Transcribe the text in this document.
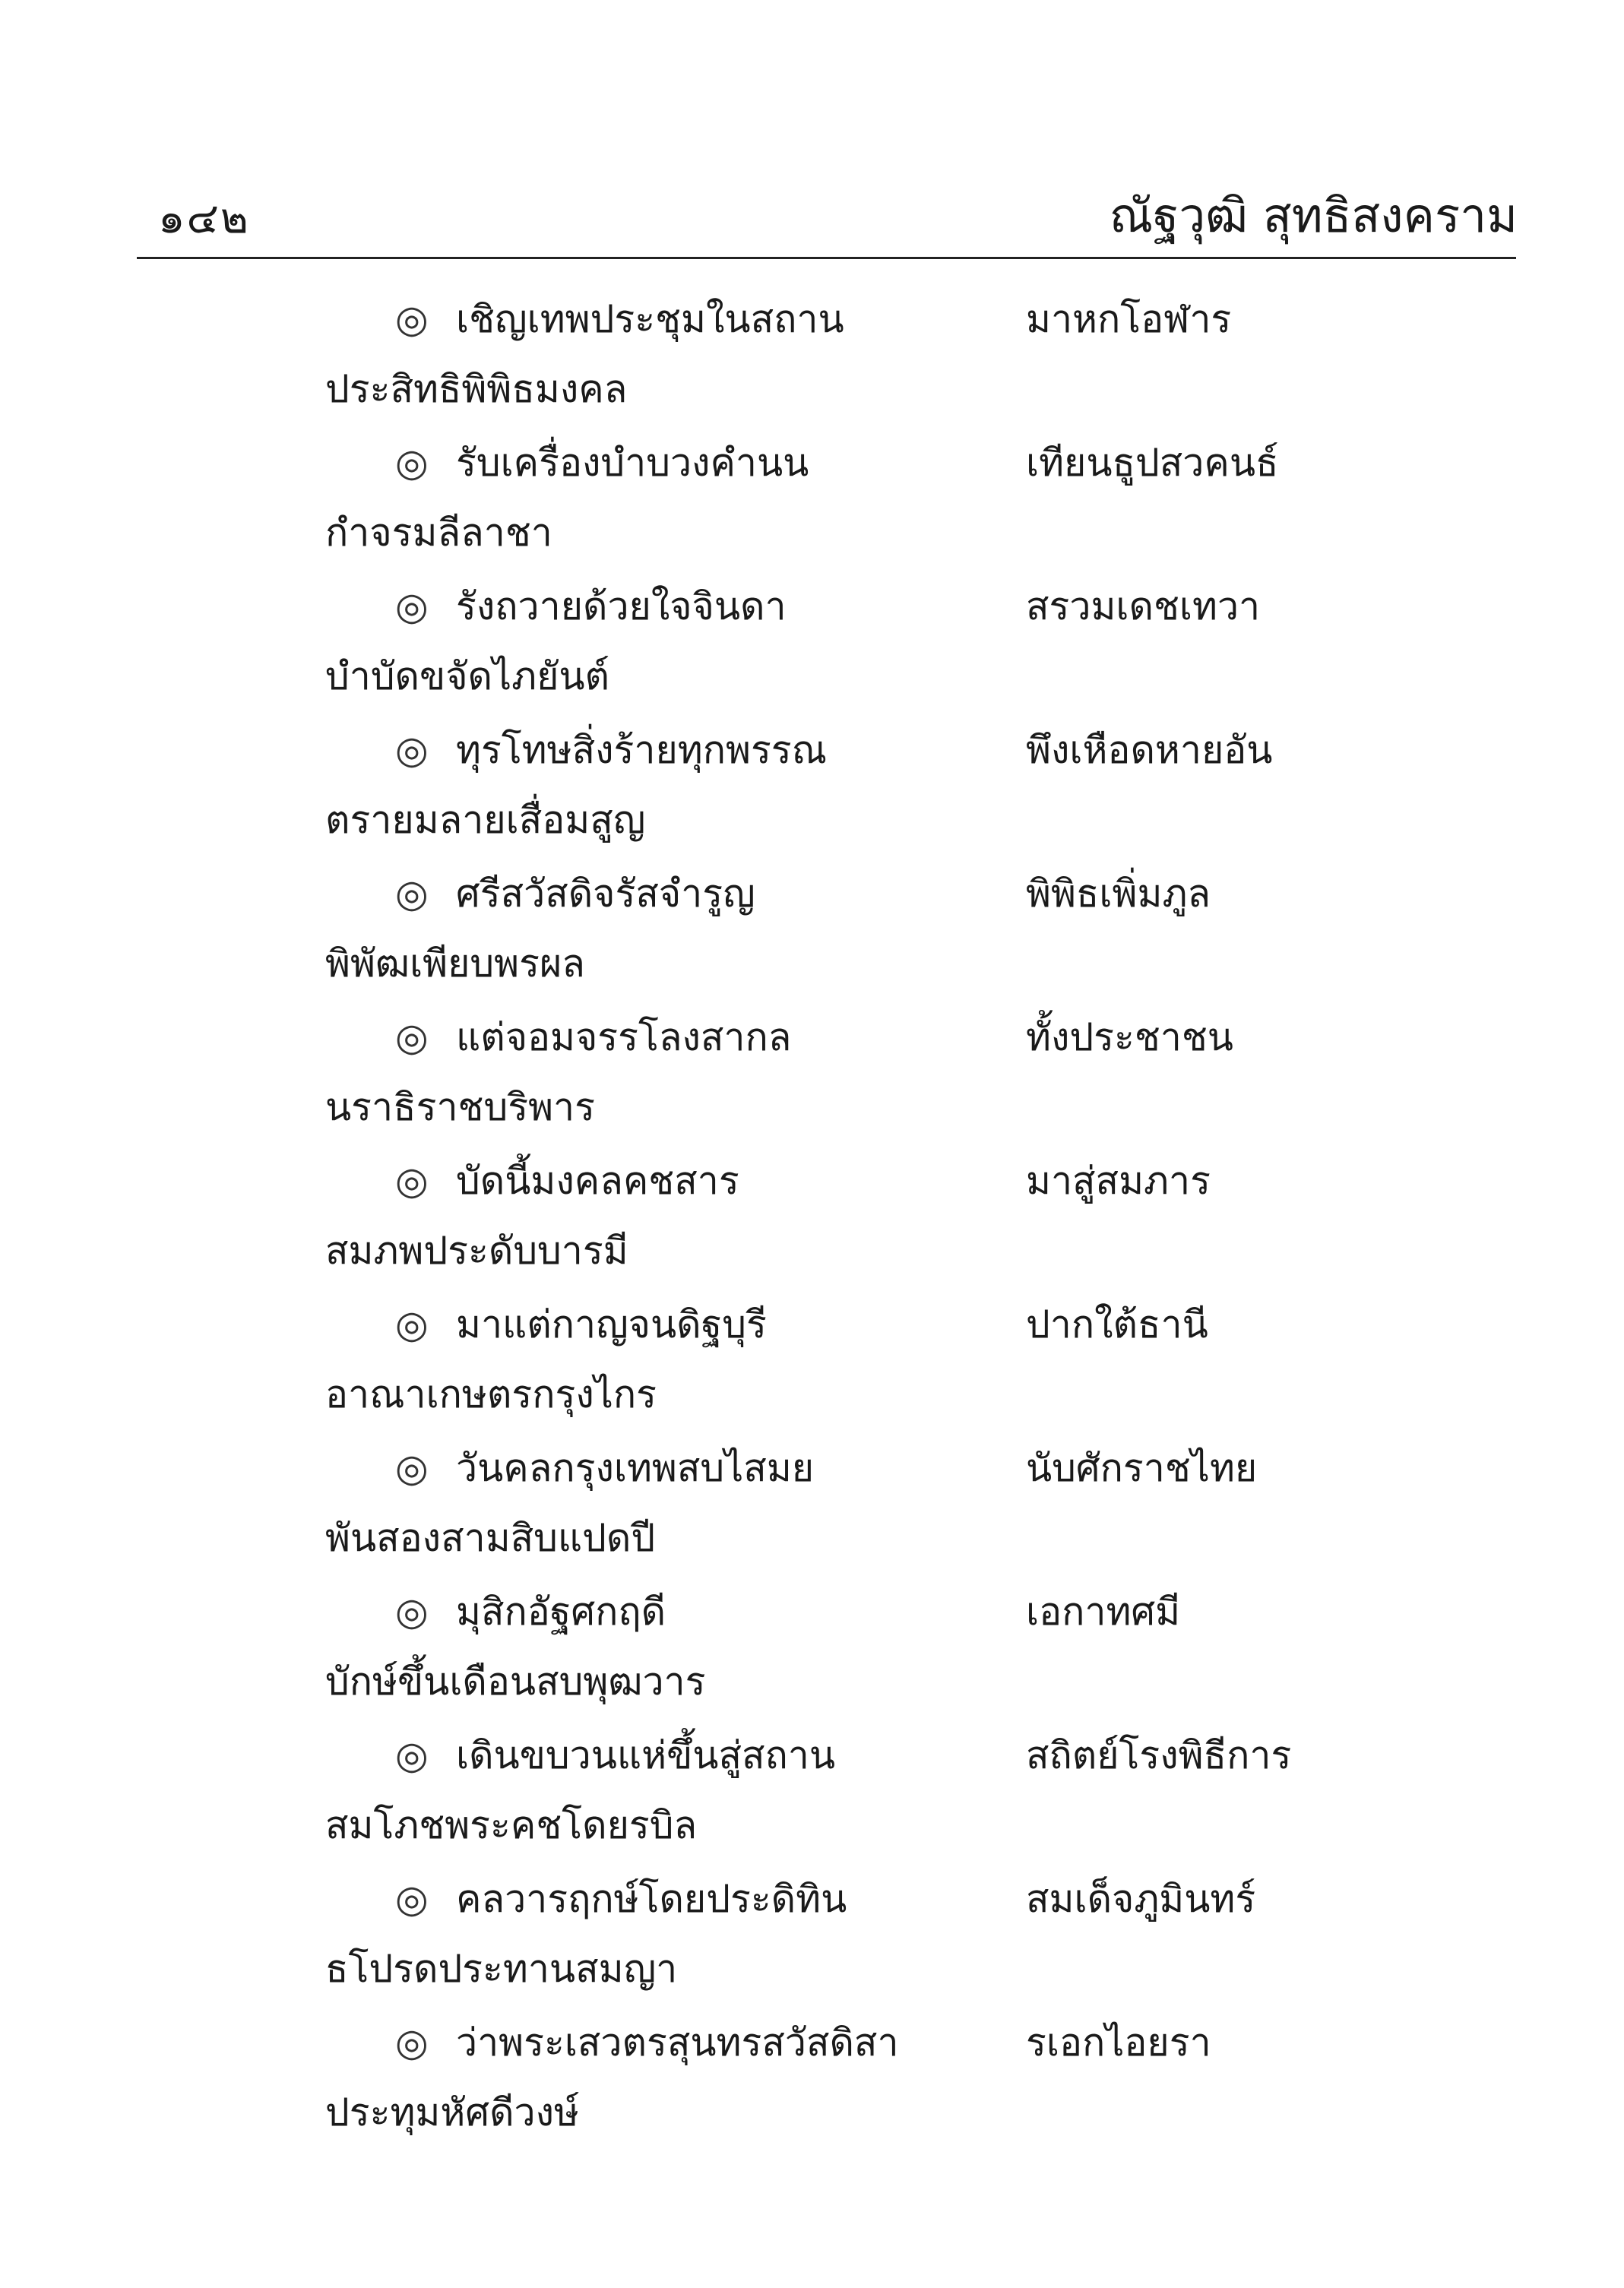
๑๔๒	ณัฐวุฒิ สุทธิสงคราม
◎ เชิญเทพประชุมในสถาน	มาหกโอฬาร
ประสิทธิพิพิธมงคล
◎ รับเครื่องบำบวงคำนน	เทียนธูปสวคนธ์
กำจรมลีลาชา
◎ รังถวายด้วยใจจินดา	สรวมเดชเทวา
บำบัดขจัดไภยันต์
◎ ทุรโทษสิ่งร้ายทุกพรรณ	พึงเหือดหายอัน
ตรายมลายเสื่อมสูญ
◎ ศรีสวัสดิจรัสจำรูญ	พิพิธเพิ่มภูล
พิพัฒเพียบพรผล
◎ แต่จอมจรรโลงสากล	ทั้งประชาชน
นราธิราชบริพาร
◎ บัดนี้มงคลคชสาร	มาสู่สมภาร
สมภพประดับบารมี
◎ มาแต่กาญจนดิฐบุรี	ปากใต้ธานี
อาณาเกษตรกรุงไกร
◎ วันคลกรุงเทพสบไสมย	นับศักราชไทย
พันสองสามสิบแปดปี
◎ มุสิกอัฐศกฤดี	เอกาทศมี
บักษ์ขึ้นเดือนสบพุฒวาร
◎ เดินขบวนแห่ขึ้นสู่สถาน	สถิตย์โรงพิธีการ
สมโภชพระคชโดยรบิล
◎ คลวารฤกษ์โดยประดิทิน	สมเด็จภูมินทร์
ธโปรดประทานสมญา
◎ ว่าพระเสวตรสุนทรสวัสดิสา	รเอกไอยรา
ประทุมหัศดีวงษ์
